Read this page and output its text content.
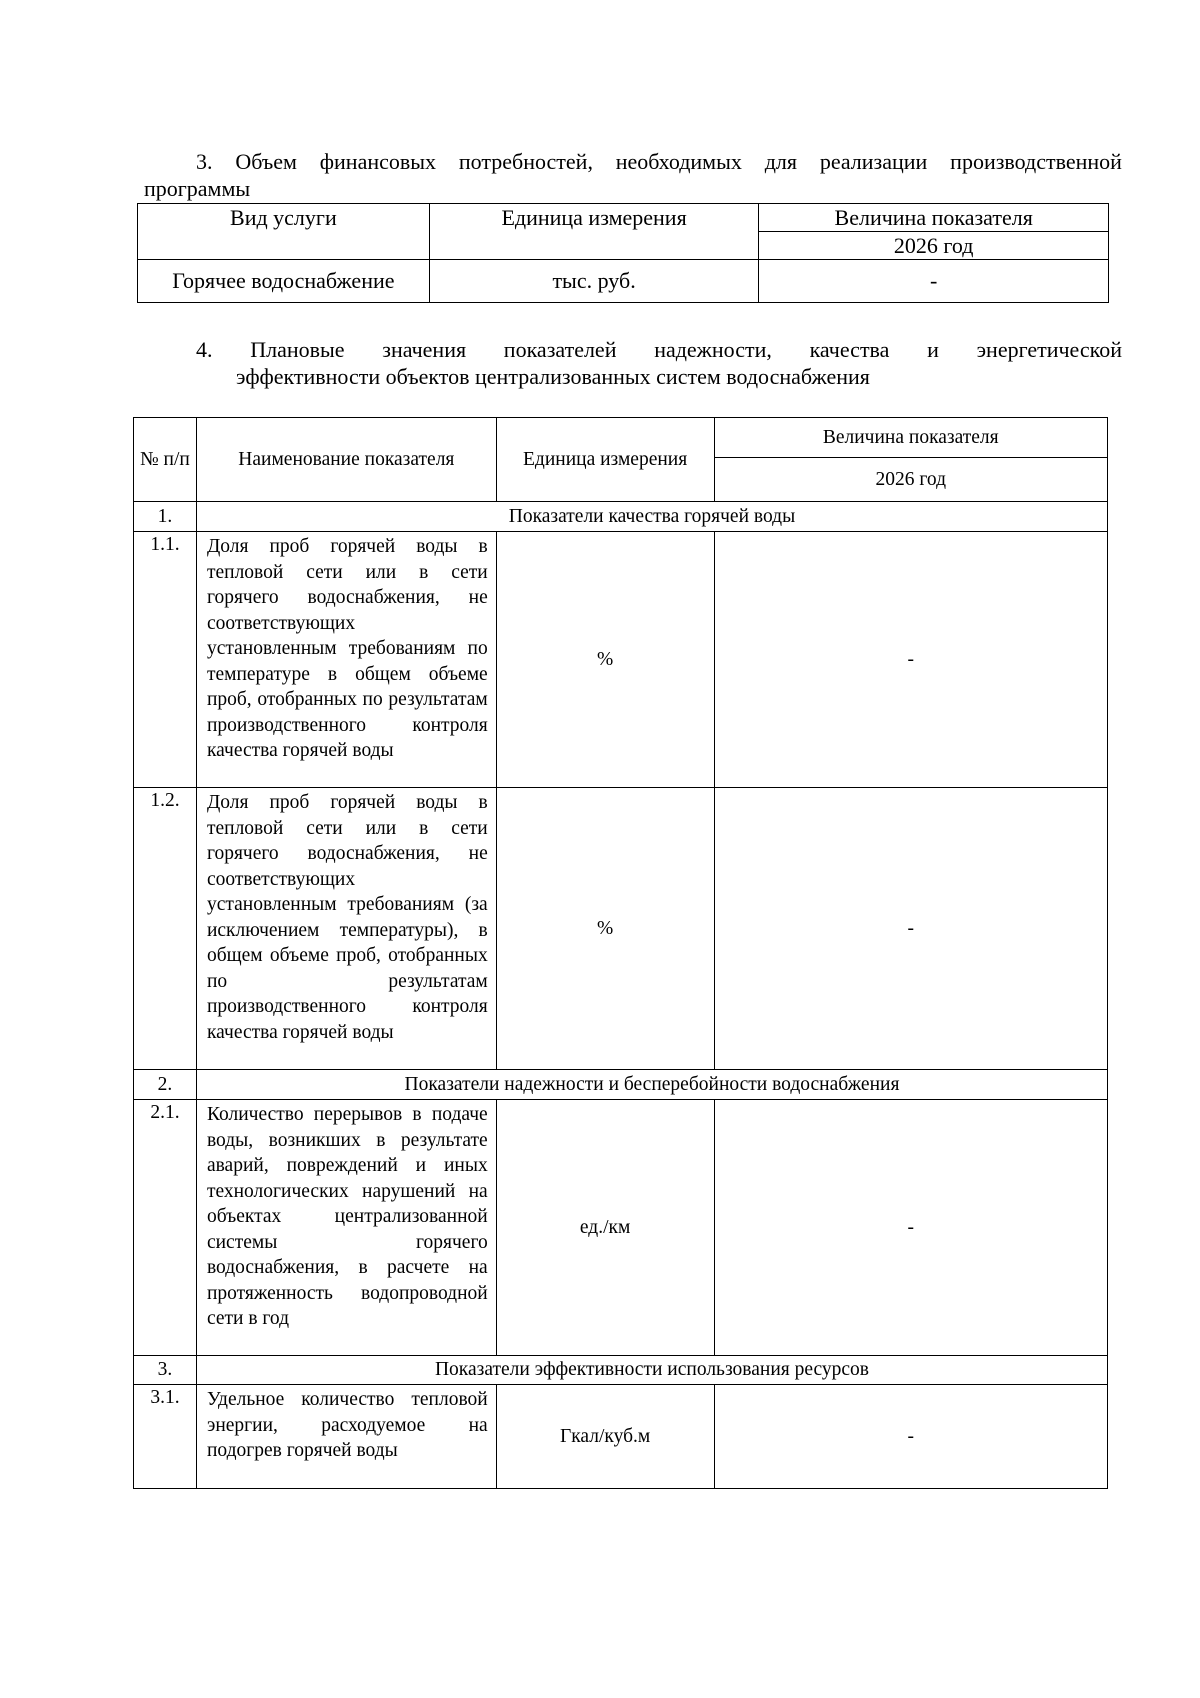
3. Объем финансовых потребностей, необходимых для реализации производственной
программы
Вид услуги	Единица измерения	Величина показателя
		2026 год
Горячее водоснабжение	тыс. руб.	-
4. Плановые значения показателей надежности, качества и энергетической
эффективности объектов централизованных систем водоснабжения
№ п/п	Наименование показателя	Единица измерения	Величина показателя
			2026 год
1.	Показатели качества горячей воды		
1.1.	Доля проб горячей воды в тепловой сети или в сети горячего водоснабжения, не соответствующих установленным требованиям по температуре в общем объеме проб, отобранных по результатам производственного контроля качества горячей воды	%	-
1.2.	Доля проб горячей воды в тепловой сети или в сети горячего водоснабжения, не соответствующих установленным требованиям (за исключением температуры), в общем объеме проб, отобранных по результатам производственного контроля качества горячей воды	%	-
2.	Показатели надежности и бесперебойности водоснабжения		
2.1.	Количество перерывов в подаче воды, возникших в результате аварий, повреждений и иных технологических нарушений на объектах централизованной системы горячего водоснабжения, в расчете на протяженность водопроводной сети в год	ед./км	-
3.	Показатели эффективности использования ресурсов		
3.1.	Удельное количество тепловой энергии, расходуемое на подогрев горячей воды	Гкал/куб.м	-
